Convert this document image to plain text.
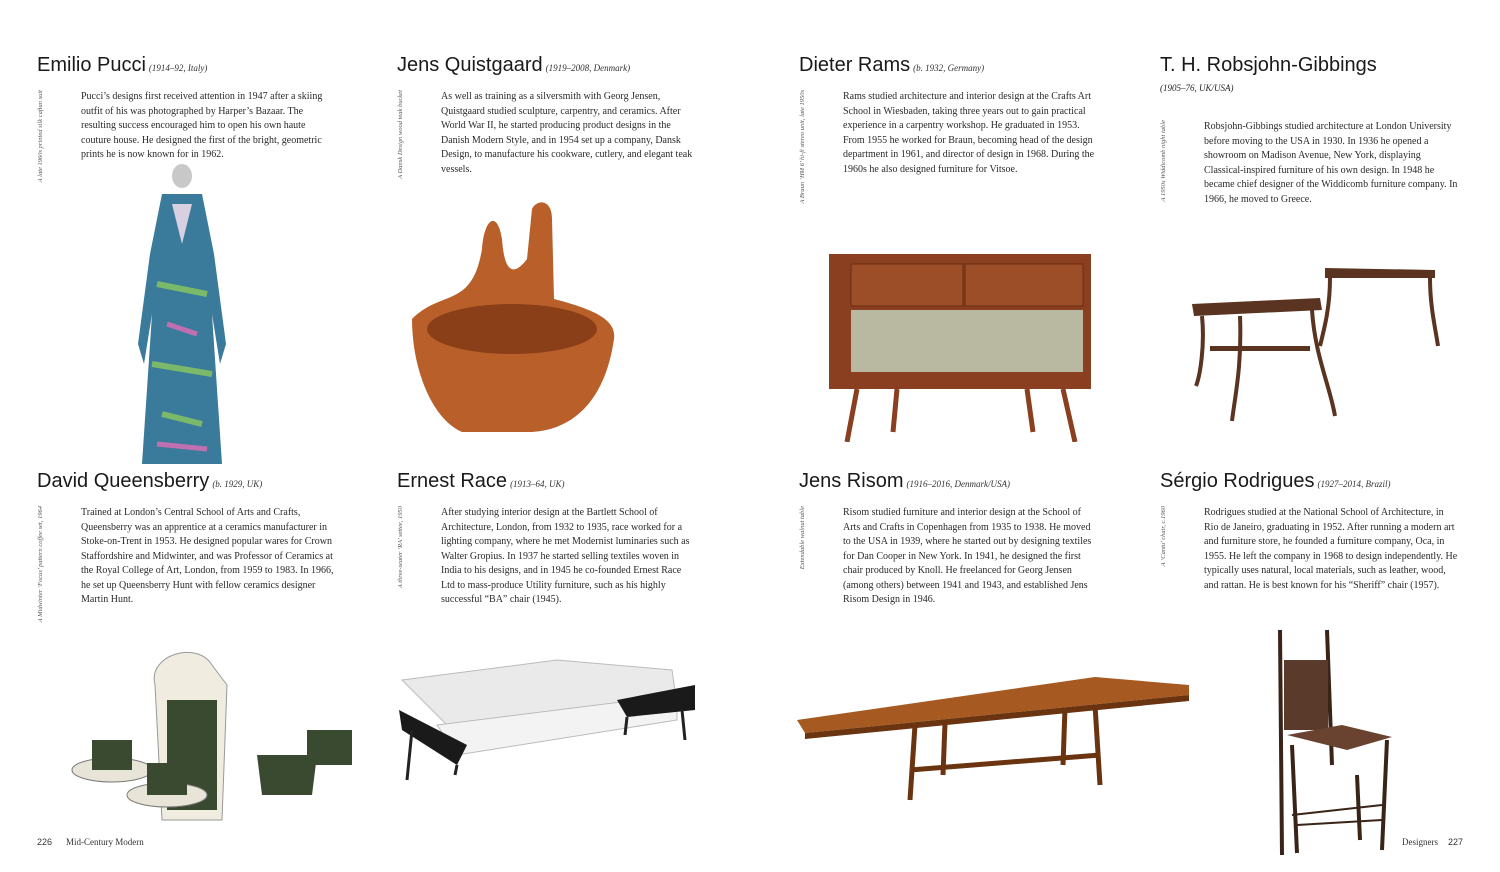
Emilio Pucci (1914–92, Italy)
A late 1960s printed silk caftan suit	Pucci’s designs first received attention in 1947 after a skiing outfit of his was photographed by Harper’s Bazaar. The resulting success encouraged him to open his own haute couture house. He designed the first of the bright, geometric prints he is now known for in 1962.
Jens Quistgaard (1919–2008, Denmark)
A Dansk Design wood teak bucket	As well as training as a silversmith with Georg Jensen, Quistgaard studied sculpture, carpentry, and ceramics. After World War II, he started producing product designs in the Danish Modern Style, and in 1954 set up a company, Dansk Design, to manufacture his cookware, cutlery, and elegant teak vessels.
Dieter Rams (b. 1932, Germany)
A Braun ‘HM 6’ hi-fi stereo unit, late 1950s	Rams studied architecture and interior design at the Crafts Art School in Wiesbaden, taking three years out to gain practical experience in a carpentry workshop. He graduated in 1953. From 1955 he worked for Braun, becoming head of the design department in 1961, and director of design in 1968. During the 1960s he also designed furniture for Vitsoe.
T. H. Robsjohn-Gibbings
(1905–76, UK/USA)
A 1950s Widdicomb night table	Robsjohn-Gibbings studied architecture at London University before moving to the USA in 1930. In 1936 he opened a showroom on Madison Avenue, New York, displaying Classical-inspired furniture of his own design. In 1948 he became chief designer of the Widdicomb furniture company. In 1966, he moved to Greece.
David Queensberry (b. 1929, UK)
A Midwinter ‘Focus’ pattern coffee set, 1964	Trained at London’s Central School of Arts and Crafts, Queensberry was an apprentice at a ceramics manufacturer in Stoke-on-Trent in 1953. He designed popular wares for Crown Staffordshire and Midwinter, and was Professor of Ceramics at the Royal College of Art, London, from 1959 to 1983. In 1966, he set up Queensberry Hunt with fellow ceramics designer Martin Hunt.
Ernest Race (1913–64, UK)
A three-seater ‘RA’ settee, 1950	After studying interior design at the Bartlett School of Architecture, London, from 1932 to 1935, race worked for a lighting company, where he met Modernist luminaries such as Walter Gropius. In 1937 he started selling textiles woven in India to his designs, and in 1945 he co-founded Ernest Race Ltd to mass-produce Utility furniture, such as his highly successful “BA” chair (1945).
Jens Risom (1916–2016, Denmark/USA)
Extendable walnut table	Risom studied furniture and interior design at the School of Arts and Crafts in Copenhagen from 1935 to 1938. He moved to the USA in 1939, where he started out by designing textiles for Dan Cooper in New York. In 1941, he designed the first chair produced by Knoll. He freelanced for Georg Jensen (among others) between 1941 and 1943, and established Jens Risom Design in 1946.
Sérgio Rodrigues (1927–2014, Brazil)
A ‘Cantu’ chair, c.1960	Rodrigues studied at the National School of Architecture, in Rio de Janeiro, graduating in 1952. After running a modern art and furniture store, he founded a furniture company, Oca, in 1955. He left the company in 1968 to design independently. He typically uses natural, local materials, such as leather, wood, and rattan. He is best known for his “Sheriff” chair (1957).
226 Mid-Century Modern	Designers 227
